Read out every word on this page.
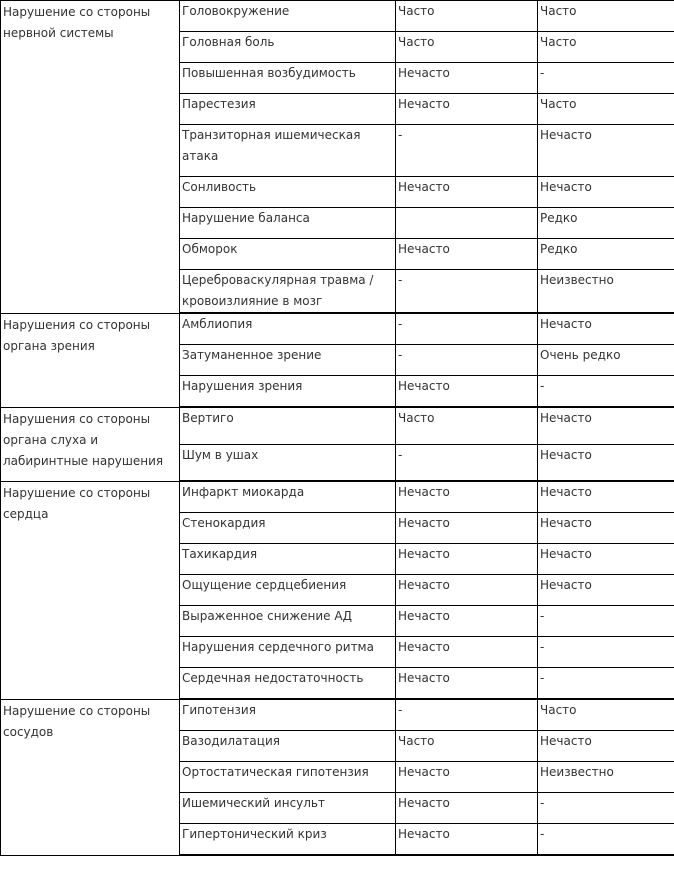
Нарушение со стороны нервной системы	Головокружение	Часто	Часто
	Головная боль	Часто	Часто
	Повышенная возбудимость	Нечасто	-
	Парестезия	Нечасто	Часто
	Транзиторная ишемическая атака	-	Нечасто
	Сонливость	Нечасто	Нечасто
	Нарушение баланса		Редко
	Обморок	Нечасто	Редко
	Цереброваскулярная травма / кровоизлияние в мозг	-	Неизвестно
Нарушения со стороны органа зрения	Амблиопия	-	Нечасто
	Затуманенное зрение	-	Очень редко
	Нарушения зрения	Нечасто	-
Нарушения со стороны органа слуха и лабиринтные нарушения	Вертиго	Часто	Нечасто
	Шум в ушах	-	Нечасто
Нарушение со стороны сердца	Инфаркт миокарда	Нечасто	Нечасто
	Стенокардия	Нечасто	Нечасто
	Тахикардия	Нечасто	Нечасто
	Ощущение сердцебиения	Нечасто	Нечасто
	Выраженное снижение АД	Нечасто	-
	Нарушения сердечного ритма	Нечасто	-
	Сердечная недостаточность	Нечасто	-
Нарушение со стороны сосудов	Гипотензия	-	Часто
	Вазодилатация	Часто	Нечасто
	Ортостатическая гипотензия	Нечасто	Неизвестно
	Ишемический инсульт	Нечасто	-
	Гипертонический криз	Нечасто	-
